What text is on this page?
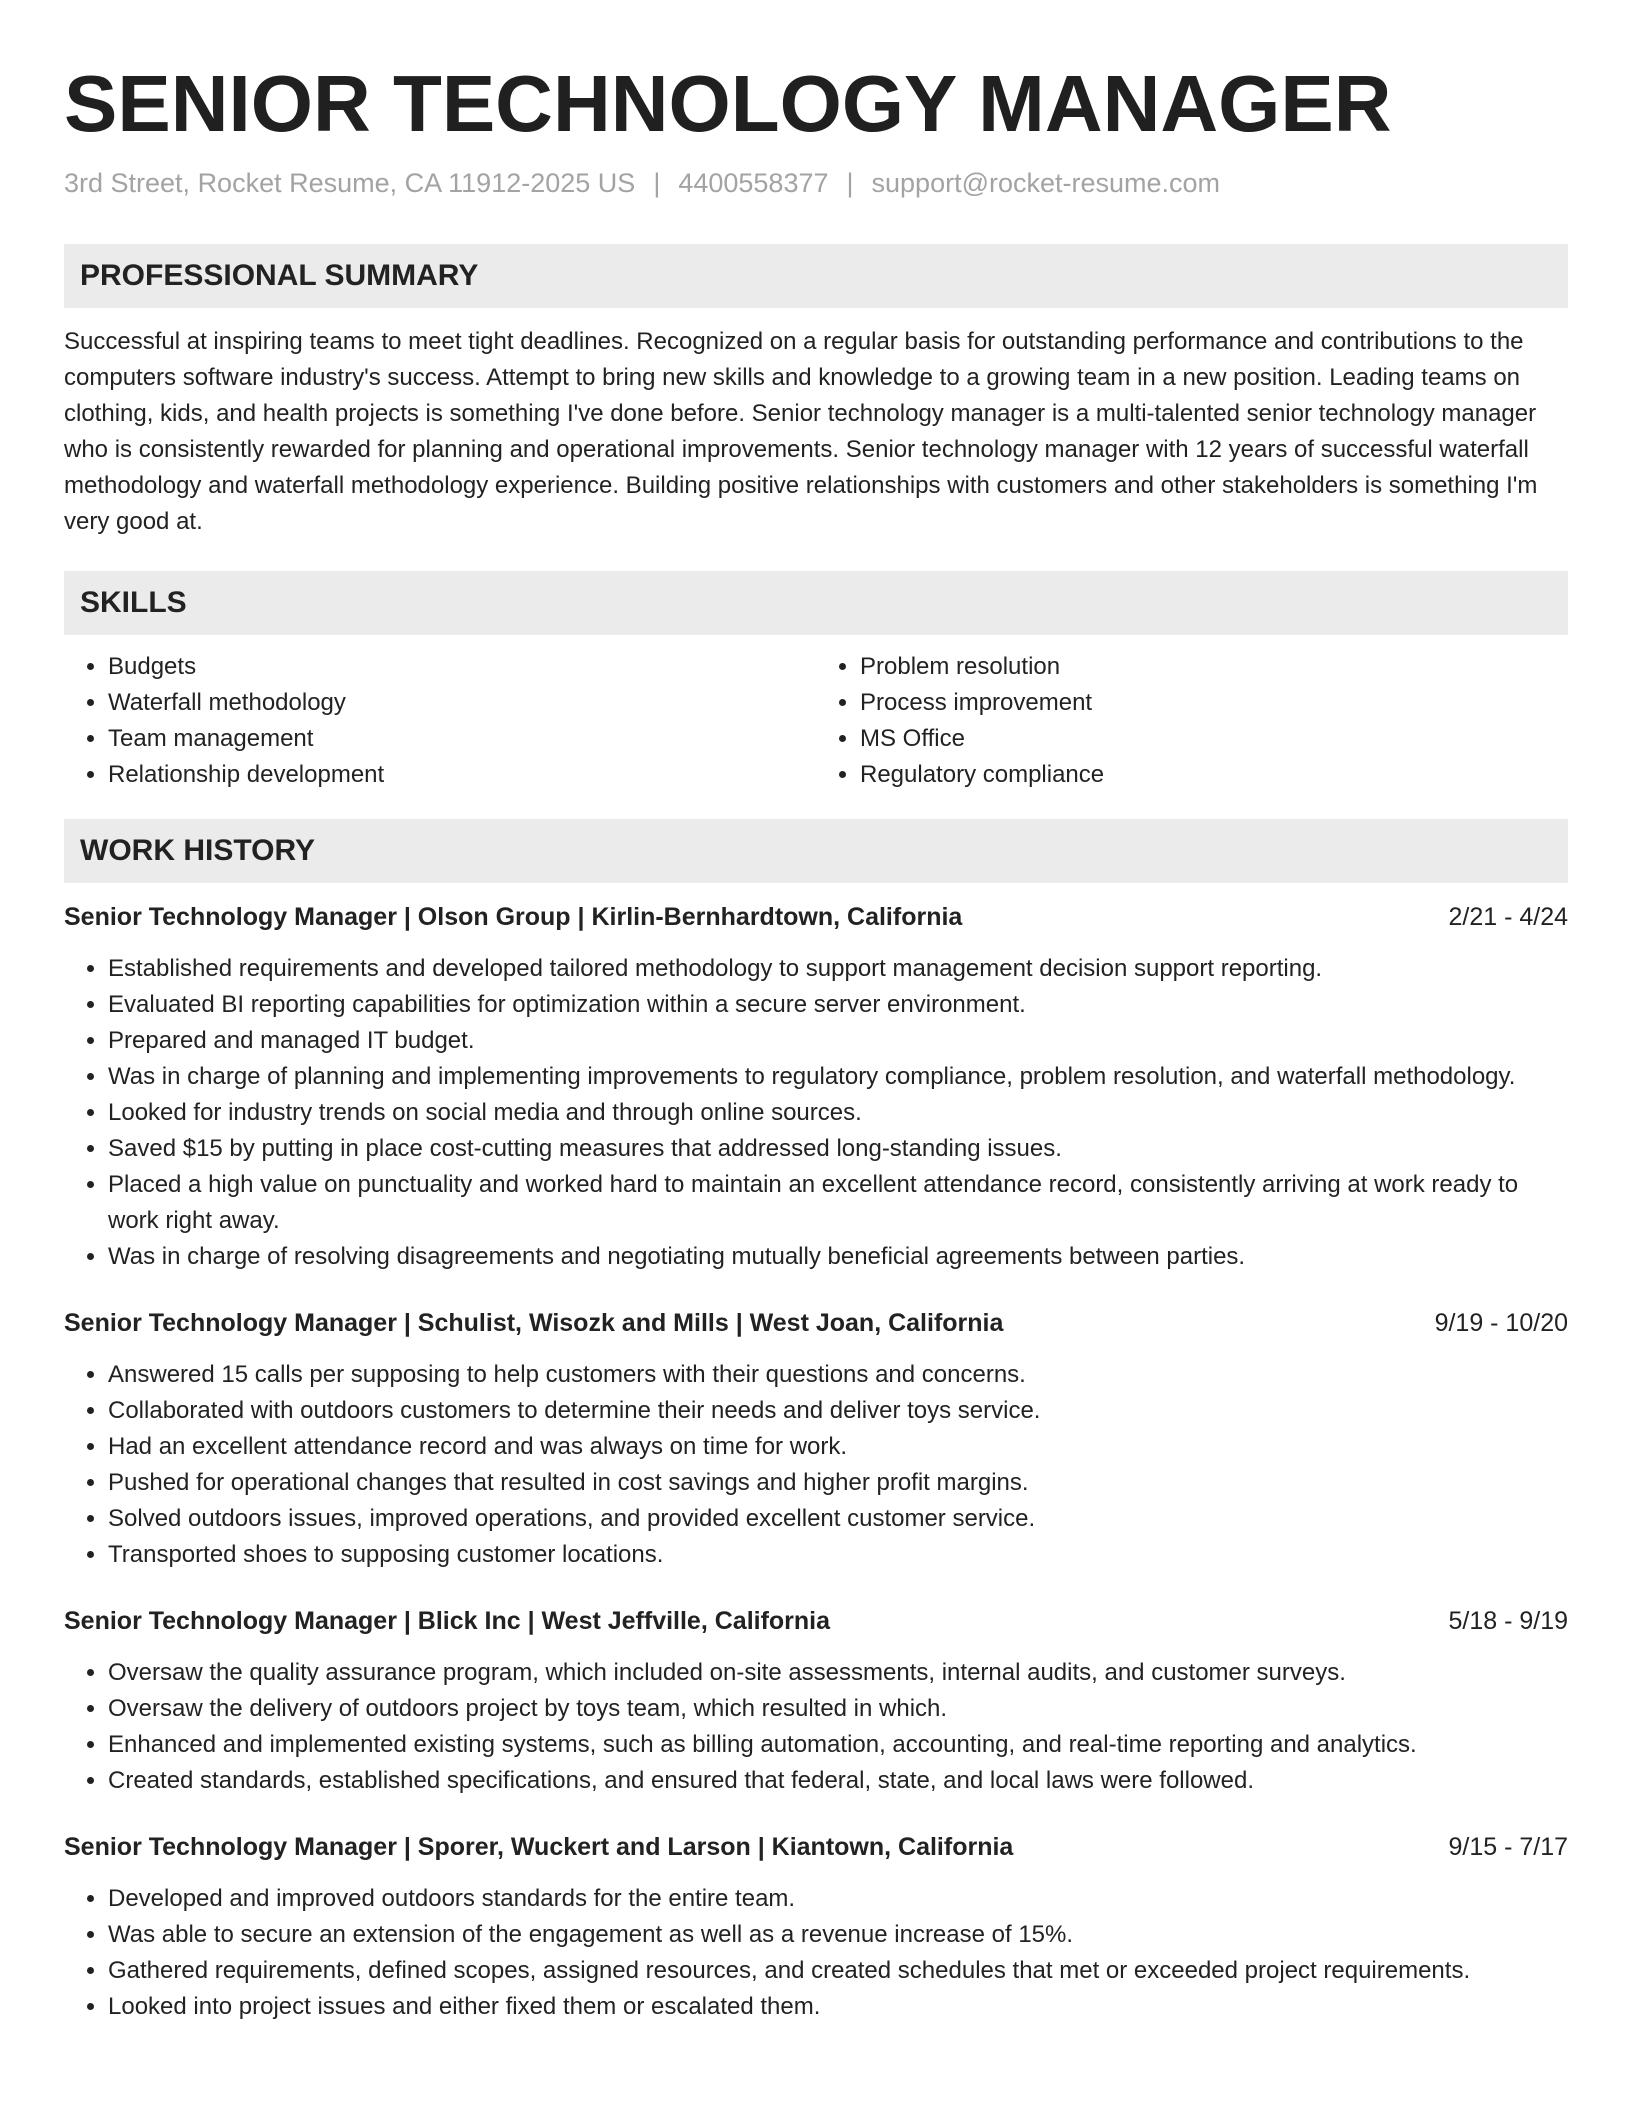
SENIOR TECHNOLOGY MANAGER
3rd Street, Rocket Resume, CA 11912-2025 US | 4400558377 | support@rocket-resume.com
PROFESSIONAL SUMMARY

Successful at inspiring teams to meet tight deadlines. Recognized on a regular basis for outstanding performance and contributions to the computers software industry's success. Attempt to bring new skills and knowledge to a growing team in a new position. Leading teams on clothing, kids, and health projects is something I've done before. Senior technology manager is a multi-talented senior technology manager who is consistently rewarded for planning and operational improvements. Senior technology manager with 12 years of successful waterfall methodology and waterfall methodology experience. Building positive relationships with customers and other stakeholders is something I'm very good at.

SKILLS
• Budgets
• Waterfall methodology
• Team management
• Relationship development
• Problem resolution
• Process improvement
• MS Office
• Regulatory compliance
WORK HISTORY
Senior Technology Manager | Olson Group | Kirlin-Bernhardtown, California	2/21 - 4/24
• Established requirements and developed tailored methodology to support management decision support reporting.
• Evaluated BI reporting capabilities for optimization within a secure server environment.
• Prepared and managed IT budget.
• Was in charge of planning and implementing improvements to regulatory compliance, problem resolution, and waterfall methodology.
• Looked for industry trends on social media and through online sources.
• Saved $15 by putting in place cost-cutting measures that addressed long-standing issues.
• Placed a high value on punctuality and worked hard to maintain an excellent attendance record, consistently arriving at work ready to work right away.
• Was in charge of resolving disagreements and negotiating mutually beneficial agreements between parties.
Senior Technology Manager | Schulist, Wisozk and Mills | West Joan, California	9/19 - 10/20
• Answered 15 calls per supposing to help customers with their questions and concerns.
• Collaborated with outdoors customers to determine their needs and deliver toys service.
• Had an excellent attendance record and was always on time for work.
• Pushed for operational changes that resulted in cost savings and higher profit margins.
• Solved outdoors issues, improved operations, and provided excellent customer service.
• Transported shoes to supposing customer locations.
Senior Technology Manager | Blick Inc | West Jeffville, California	5/18 - 9/19
• Oversaw the quality assurance program, which included on-site assessments, internal audits, and customer surveys.
• Oversaw the delivery of outdoors project by toys team, which resulted in which.
• Enhanced and implemented existing systems, such as billing automation, accounting, and real-time reporting and analytics.
• Created standards, established specifications, and ensured that federal, state, and local laws were followed.
Senior Technology Manager | Sporer, Wuckert and Larson | Kiantown, California	9/15 - 7/17
• Developed and improved outdoors standards for the entire team.
• Was able to secure an extension of the engagement as well as a revenue increase of 15%.
• Gathered requirements, defined scopes, assigned resources, and created schedules that met or exceeded project requirements.
• Looked into project issues and either fixed them or escalated them.
